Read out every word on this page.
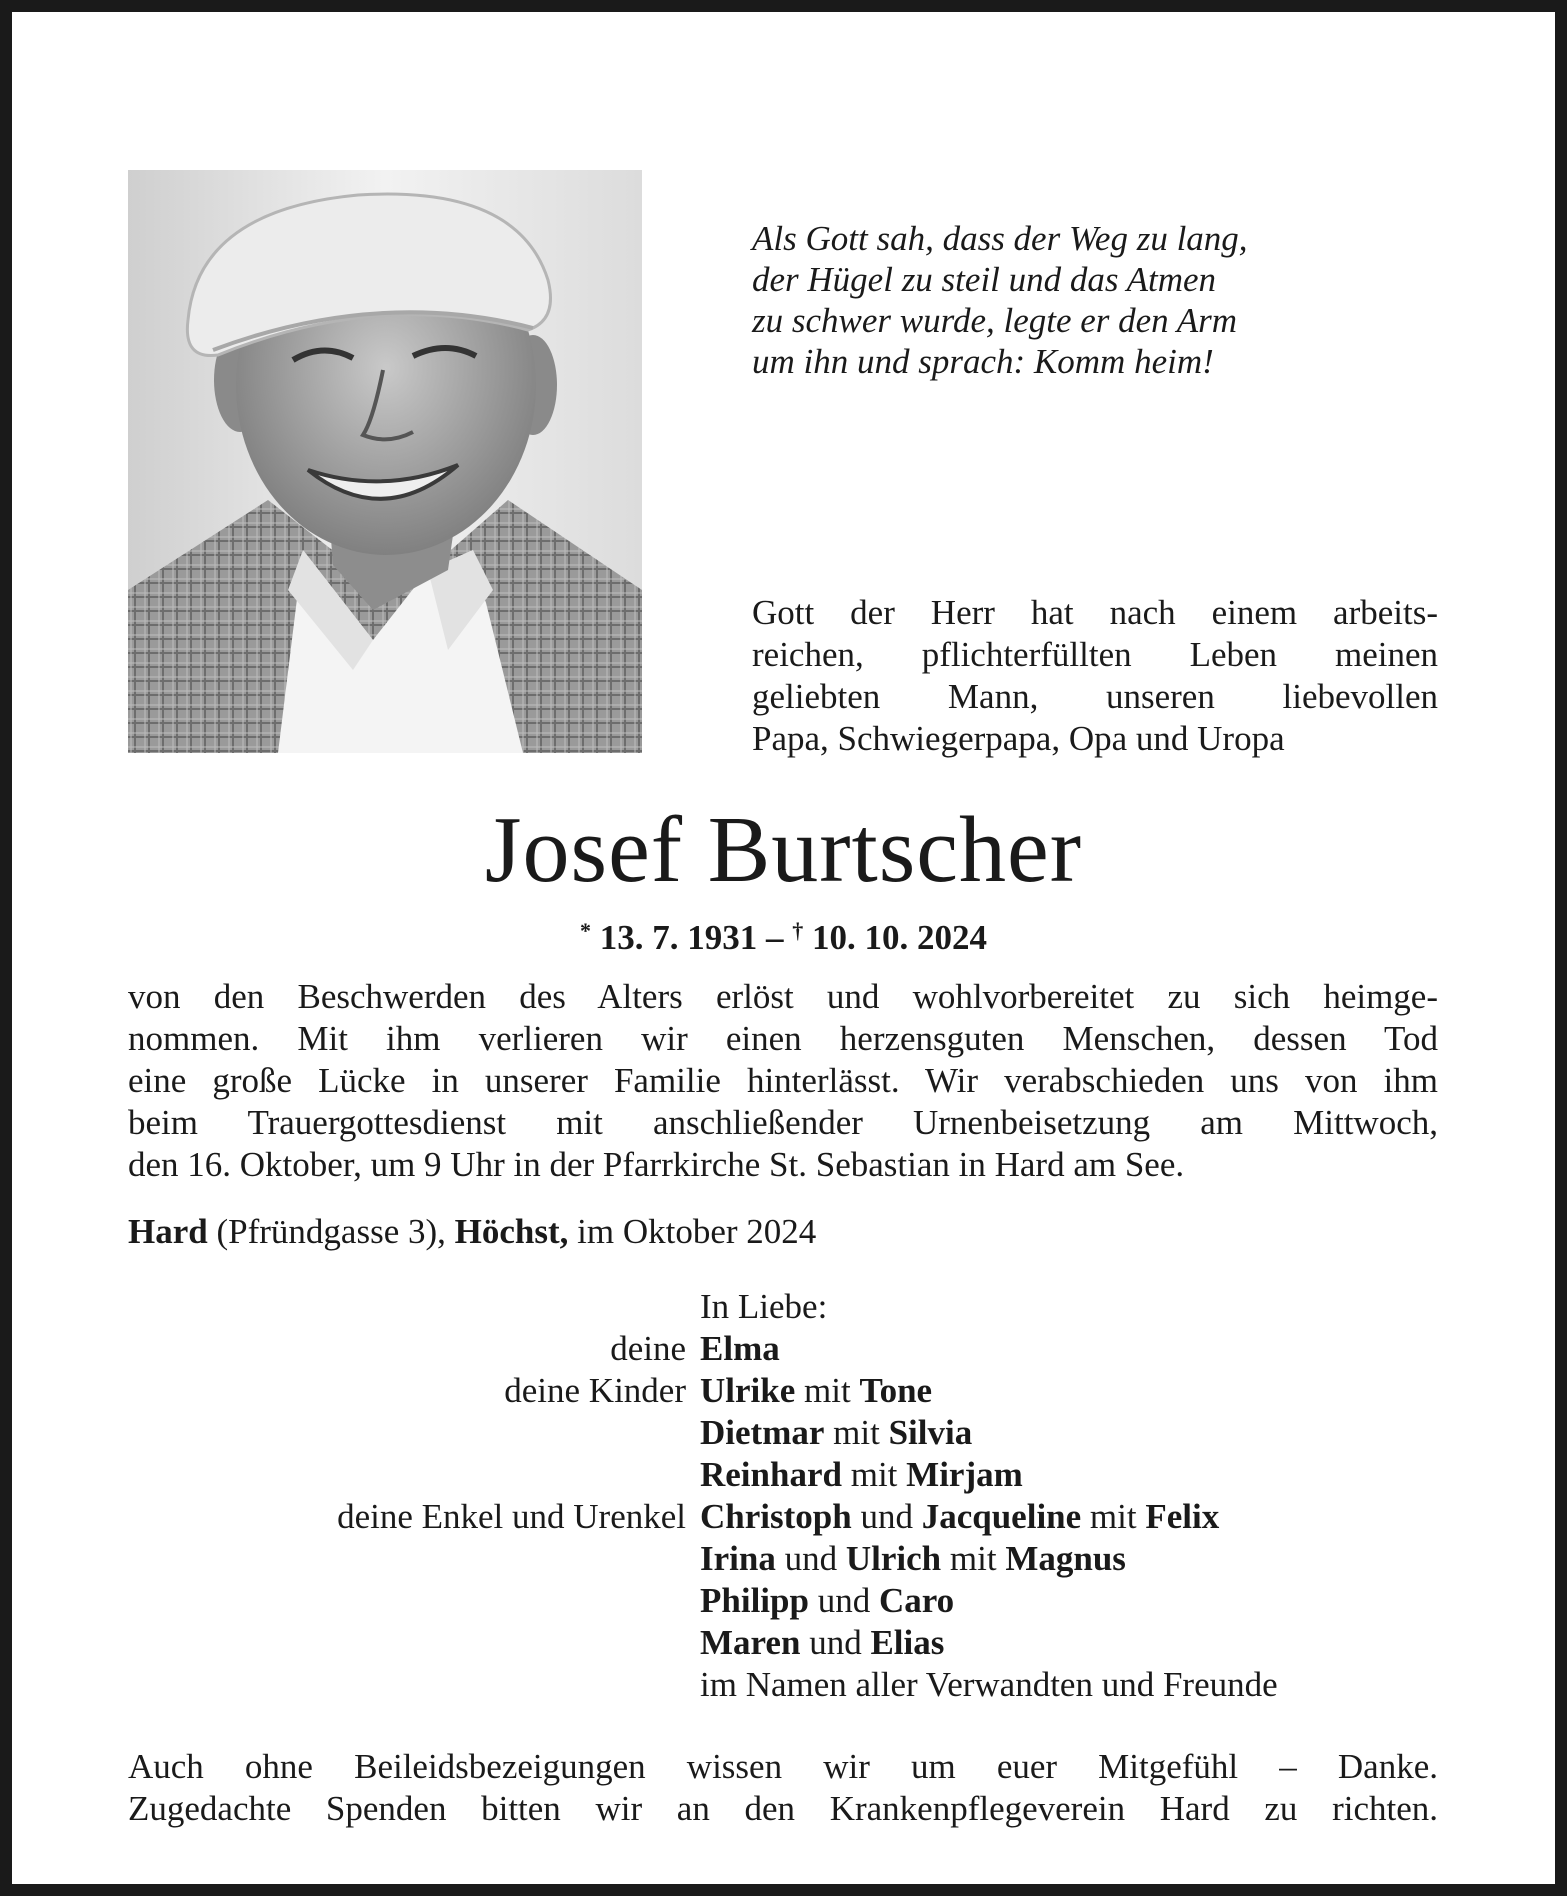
Als Gott sah, dass der Weg zu lang,
der Hügel zu steil und das Atmen
zu schwer wurde, legte er den Arm
um ihn und sprach: Komm heim!
Gott der Herr hat nach einem arbeits-
reichen, pflichterfüllten Leben meinen
geliebten Mann, unseren liebevollen
Papa, Schwiegerpapa, Opa und Uropa
Josef Burtscher
* 13. 7. 1931 – † 10. 10. 2024
von den Beschwerden des Alters erlöst und wohlvorbereitet zu sich heimge-
nommen. Mit ihm verlieren wir einen herzensguten Menschen, dessen Tod
eine große Lücke in unserer Familie hinterlässt. Wir verabschieden uns von ihm
beim Trauergottesdienst mit anschließender Urnenbeisetzung am Mittwoch,
den 16. Oktober, um 9 Uhr in der Pfarrkirche St. Sebastian in Hard am See.
Hard (Pfründgasse 3), Höchst, im Oktober 2024
In Liebe:
deine Elma
deine Kinder Ulrike mit Tone
Dietmar mit Silvia
Reinhard mit Mirjam
deine Enkel und Urenkel Christoph und Jacqueline mit Felix
Irina und Ulrich mit Magnus
Philipp und Caro
Maren und Elias
im Namen aller Verwandten und Freunde
Auch ohne Beileidsbezeigungen wissen wir um euer Mitgefühl – Danke.
Zugedachte Spenden bitten wir an den Krankenpflegeverein Hard zu richten.
